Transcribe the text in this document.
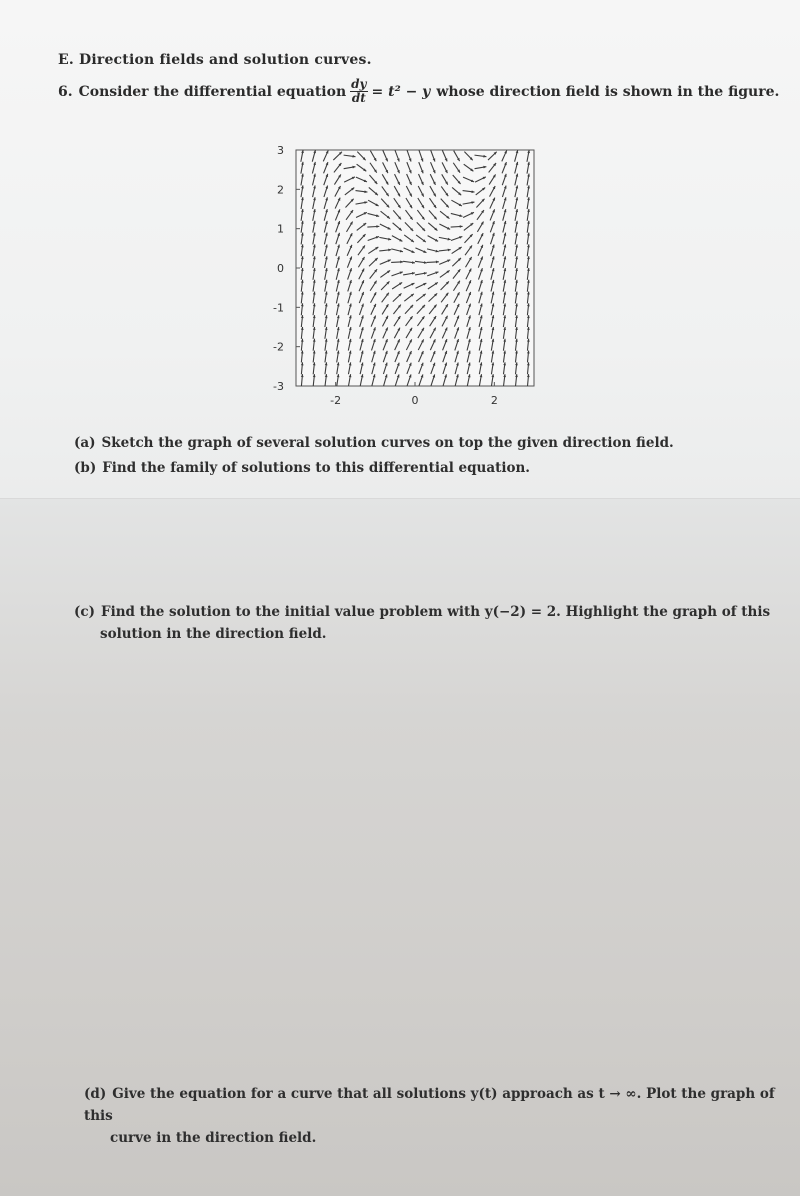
E. Direction fields and solution curves.
6. Consider the differential equation $\frac{dy}{dt} = t^2 - y$ whose direction field is shown in the figure.
3
2
1
0
-1
-2
-3
-2	0	2
(a) Sketch the graph of several solution curves on top the given direction field.
(b) Find the family of solutions to this differential equation.
(c) Find the solution to the initial value problem with y(−2) = 2. Highlight the graph of this
solution in the direction field.
(d) Give the equation for a curve that all solutions y(t) approach as t → ∞. Plot the graph of this
curve in the direction field.
